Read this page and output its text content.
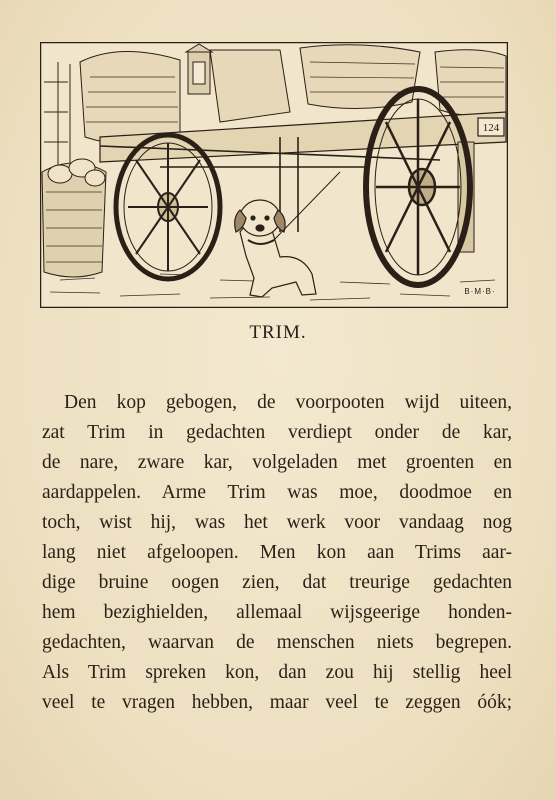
124
B·M·B·
TRIM.
Den kop gebogen, de voorpooten wijd uiteen,
zat Trim in gedachten verdiept onder de kar,
de nare, zware kar, volgeladen met groenten en
aardappelen. Arme Trim was moe, doodmoe en
toch, wist hij, was het werk voor vandaag nog
lang niet afgeloopen. Men kon aan Trims aar-
dige bruine oogen zien, dat treurige gedachten
hem bezighielden, allemaal wijsgeerige honden-
gedachten, waarvan de menschen niets begrepen.
Als Trim spreken kon, dan zou hij stellig heel
veel te vragen hebben, maar veel te zeggen óók;
